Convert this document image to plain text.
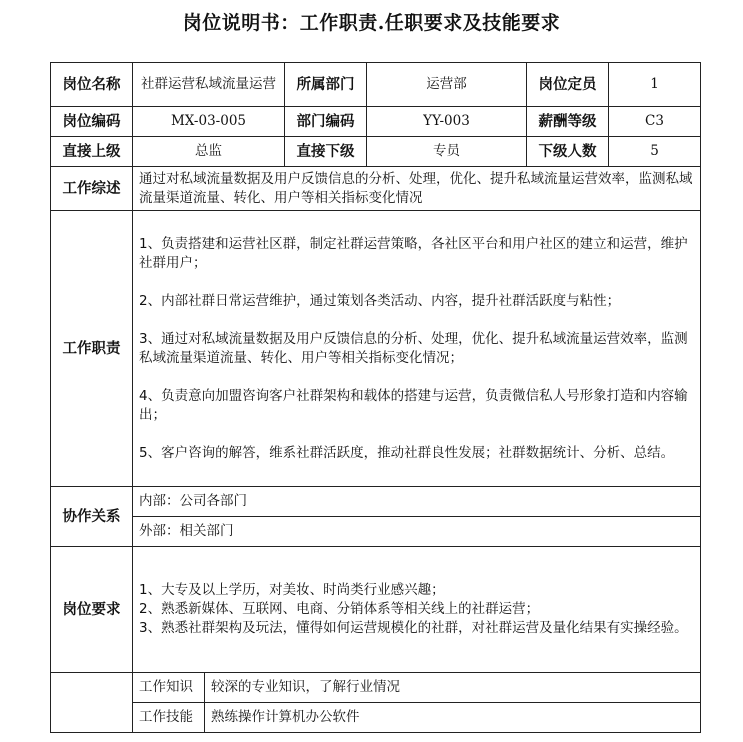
岗位说明书：工作职责.任职要求及技能要求
岗位名称	社群运营私域流量运营		所属部门	运营部	岗位定员	1
岗位编码	MX-03-005		部门编码	YY-003	薪酬等级	C3
直接上级	总监		直接下级	专员	下级人数	5
工作综述	通过对私域流量数据及用户反馈信息的分析、处理，优化、提升私域流量运营效率，监测私域流量渠道流量、转化、用户等相关指标变化情况					
工作职责	1、负责搭建和运营社区群，制定社群运营策略，各社区平台和用户社区的建立和运营，维护社群用户；

2、内部社群日常运营维护，通过策划各类活动、内容，提升社群活跃度与粘性；

3、通过对私域流量数据及用户反馈信息的分析、处理，优化、提升私域流量运营效率，监测私域流量渠道流量、转化、用户等相关指标变化情况；

4、负责意向加盟咨询客户社群架构和载体的搭建与运营，负责微信私人号形象打造和内容输出；

5、客户咨询的解答，维系社群活跃度，推动社群良性发展；社群数据统计、分析、总结。					

协作关系	内部：公司各部门					
	外部：相关部门					
岗位要求	1、大专及以上学历，对美妆、时尚类行业感兴趣；

2、熟悉新媒体、互联网、电商、分销体系等相关线上的社群运营；

3、熟悉社群架构及玩法，懂得如何运营规模化的社群，对社群运营及量化结果有实操经验。					

	工作知识	较深的专业知识，了解行业情况				
	工作技能	熟练操作计算机办公软件				
